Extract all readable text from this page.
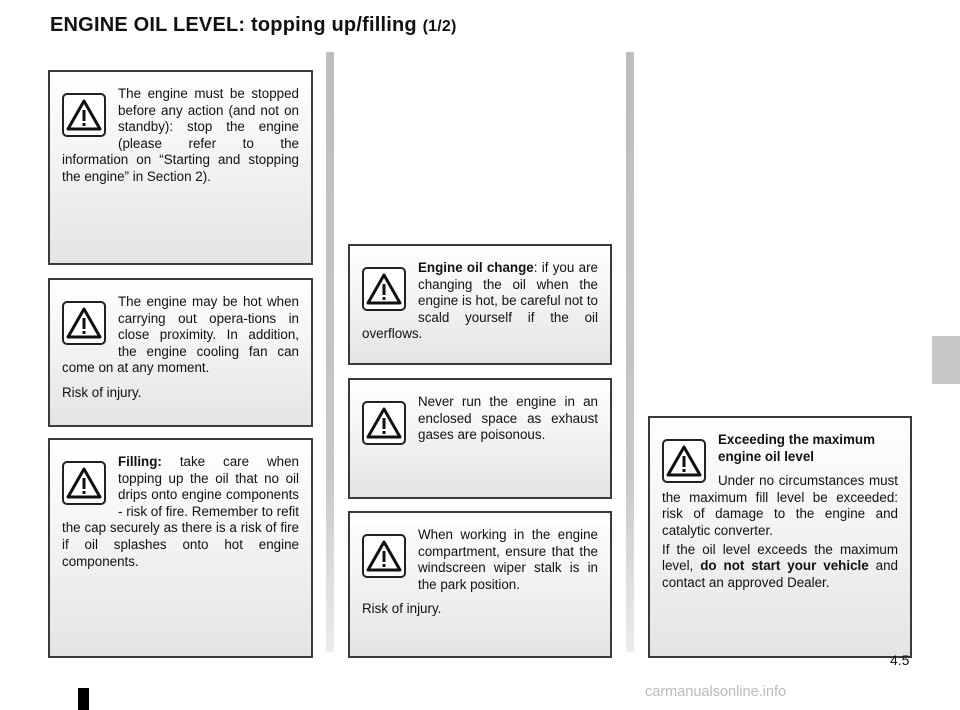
ENGINE OIL LEVEL: topping up/filling (1/2)

The engine must be stopped before any action (and not on standby): stop the engine (please refer to the information on “Starting and stopping the engine” in Section 2).

The engine may be hot when carrying out opera-tions in close proximity. In addition, the engine cooling fan can come on at any moment.

Risk of injury.

Filling: take care when topping up the oil that no oil drips onto engine components - risk of fire. Remember to refit the cap securely as there is a risk of fire if oil splashes onto hot engine components.

Engine oil change: if you are changing the oil when the engine is hot, be careful not to scald yourself if the oil overflows.

Never run the engine in an enclosed space as exhaust gases are poisonous.

When working in the engine compartment, ensure that the windscreen wiper stalk is in the park position.

Risk of injury.

Exceeding the maximum engine oil level

Under no circumstances must the maximum fill level be exceeded: risk of damage to the engine and catalytic converter.

If the oil level exceeds the maximum level, do not start your vehicle and contact an approved Dealer.

4.5
carmanualsonline.info
